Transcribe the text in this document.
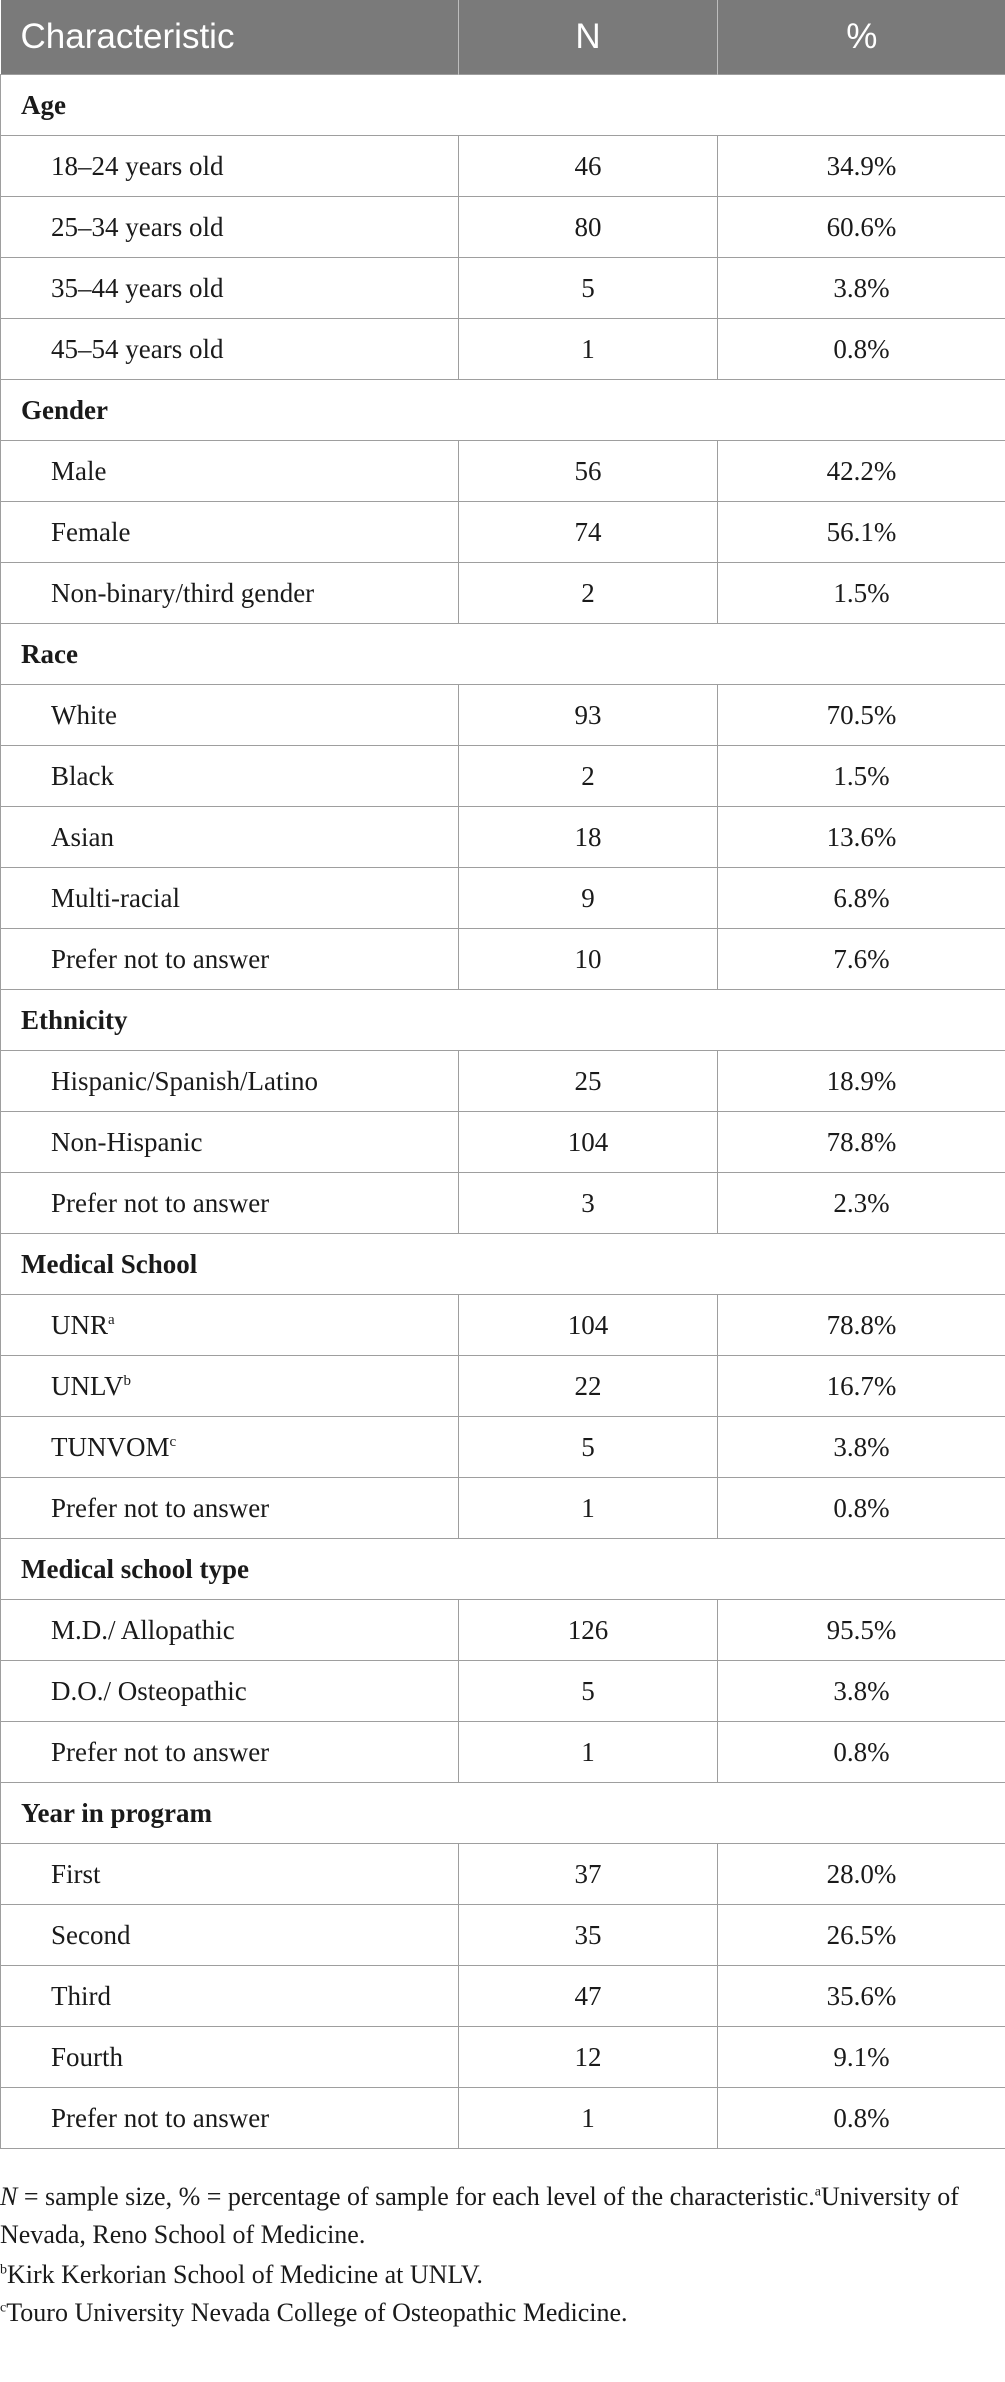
Characteristic	N	%
Age		
18–24 years old	46	34.9%
25–34 years old	80	60.6%
35–44 years old	5	3.8%
45–54 years old	1	0.8%
Gender		
Male	56	42.2%
Female	74	56.1%
Non-binary/third gender	2	1.5%
Race		
White	93	70.5%
Black	2	1.5%
Asian	18	13.6%
Multi-racial	9	6.8%
Prefer not to answer	10	7.6%
Ethnicity		
Hispanic/Spanish/Latino	25	18.9%
Non-Hispanic	104	78.8%
Prefer not to answer	3	2.3%
Medical School		
UNR$^a$	104	78.8%
UNLV$^b$	22	16.7%
TUNVOM$^c$	5	3.8%
Prefer not to answer	1	0.8%
Medical school type		
M.D./ Allopathic	126	95.5%
D.O./ Osteopathic	5	3.8%
Prefer not to answer	1	0.8%
Year in program		
First	37	28.0%
Second	35	26.5%
Third	47	35.6%
Fourth	12	9.1%
Prefer not to answer	1	0.8%

N = sample size, % = percentage of sample for each level of the characteristic.$^a$University of Nevada, Reno School of Medicine.

$^b$Kirk Kerkorian School of Medicine at UNLV.

$^c$Touro University Nevada College of Osteopathic Medicine.
